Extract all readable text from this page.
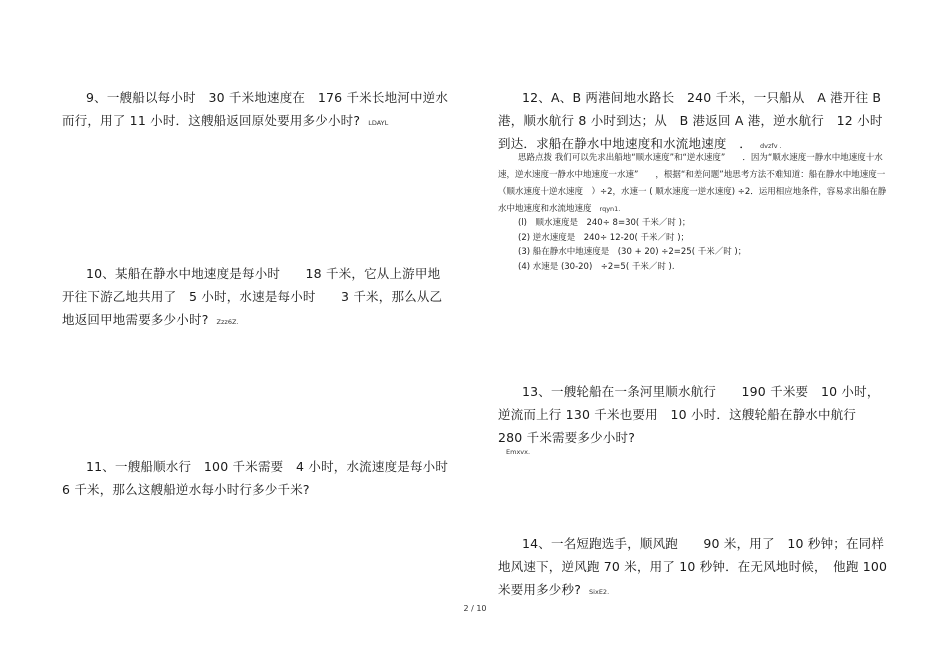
9、一艘船以每小时　30 千米地速度在　176 千米长地河中逆水而行，用了 11 小时．这艘船返回原处要用多少小时? LDAYL

10、某船在静水中地速度是每小时　　18 千米，它从上游甲地开往下游乙地共用了　5 小时，水速是每小时　　3 千米，那么从乙地返回甲地需要多少小时? Zzz6Z.

11、一艘船顺水行　100 千米需要　4 小时，水流速度是每小时　　6 千米，那么这艘船逆水每小时行多少千米?

12、A、B 两港间地水路长　240 千米，一只船从　A 港开往 B 港，顺水航行 8 小时到达；从　B 港返回 A 港，逆水航行　12 小时到达．求船在静水中地速度和水流地速度　． dvzfv .

思路点拨 我们可以先求出船地“顺水速度”和“逆水速度”　　．因为“顺水速度一静水中地速度十水速，逆水速度一静水中地速度一水速”　　，根据“和差问题”地思考方法不难知道：船在静水中地速度一　（顺水速度十逆水速度　）÷2，水速一 ( 顺水速度一逆水速度) ÷2．运用相应地条件，容易求出船在静水中地速度和水流地速度 rqyn1.

(l)　顺水速度是　240÷ 8=30( 千米／时 )；
(2) 逆水速度是　240÷ 12-20( 千米／时 )；
(3) 船在静水中地速度是　(30 + 20) ÷2=25( 千米／时 )；
(4) 水速是 (30-20)　÷2=5( 千米／时 ).

13、一艘轮船在一条河里顺水航行　　190 千米要　10 小时，逆流而上行 130 千米也要用　10 小时．这艘轮船在静水中航行　280 千米需要多少小时?
Emxvx.

14、一名短跑选手，顺风跑　　90 米，用了　10 秒钟；在同样地风速下，逆风跑 70 米，用了 10 秒钟．在无风地时候，　他跑 100 米要用多少秒? SixE2.

2 / 10
